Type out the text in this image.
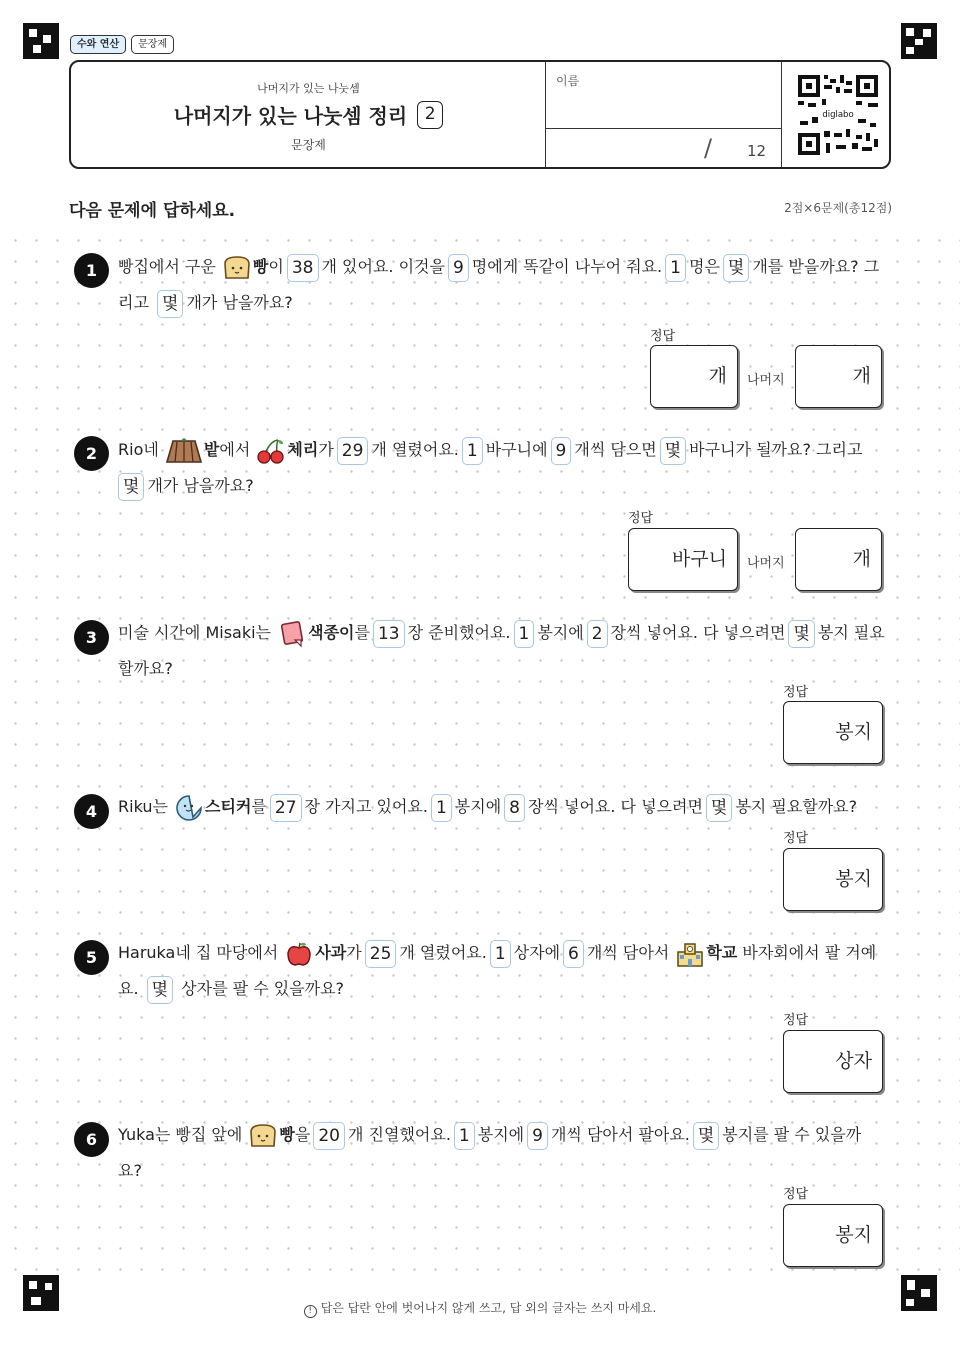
수와 연산	문장제
나머지가 있는 나눗셈
나머지가 있는 나눗셈 정리	2
문장제
이름
/ 12
diglabo
다음 문제에 답하세요.	2점×6문제(총12점)
1	빵집에서 구운 빵이 38 개 있어요. 이것을 9 명에게 똑같이 나누어 줘요. 1 명은 몇 개를 받을까요? 그
리고 몇 개가 남을까요?
정답
개	나머지	개
2	Rio네	밭에서 체리가 29 개 열렸어요. 1 바구니에 9 개씩 담으면 몇 바구니가 될까요? 그리고
몇 개가 남을까요?
정답
바구니	나머지	개
3	미술 시간에 Misaki는 색종이를 13 장 준비했어요. 1 봉지에 2 장씩 넣어요. 다 넣으려면 몇 봉지 필요
할까요?
정답
봉지
4	Riku는 스티커를 27 장 가지고 있어요. 1 봉지에 8 장씩 넣어요. 다 넣으려면 몇 봉지 필요할까요?
정답
봉지
5	Haruka네 집 마당에서 사과가 25 개 열렸어요. 1 상자에 6 개씩 담아서 학교 바자회에서 팔 거예
요. 몇 상자를 팔 수 있을까요?
정답
상자
6	Yuka는 빵집 앞에 빵을 20 개 진열했어요. 1 봉지에 9 개씩 담아서 팔아요. 몇 봉지를 팔 수 있을까
요?
정답
봉지
! 답은 답란 안에 벗어나지 않게 쓰고, 답 외의 글자는 쓰지 마세요.
